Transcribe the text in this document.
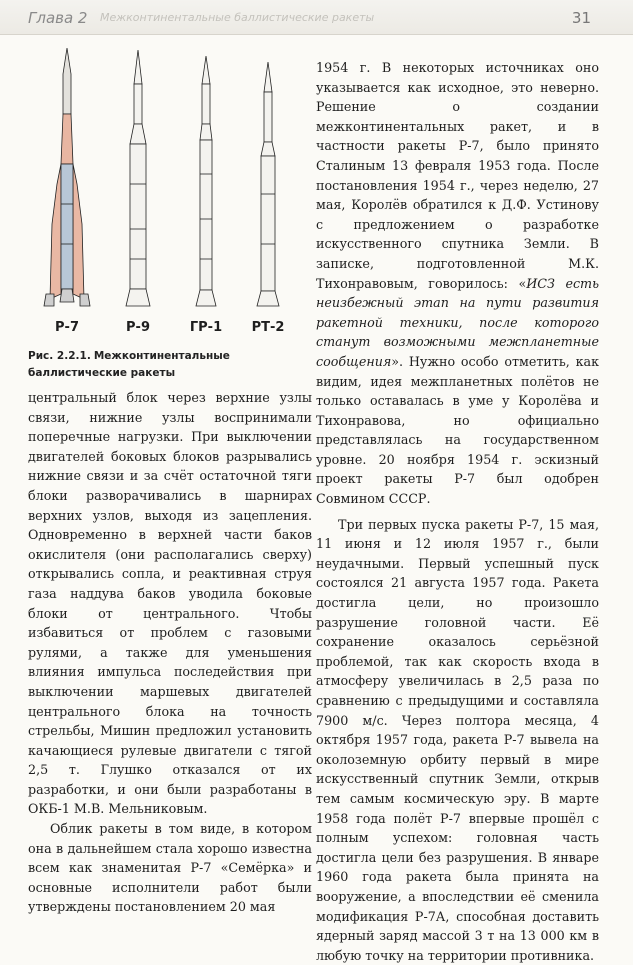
Глава 2 Межконтинентальные баллистические ракеты	31
Р-7	Р-9	ГР-1	РТ-2
Рис. 2.2.1. Межконтинентальные баллистические ракеты

центральный блок через верхние узлы связи, нижние узлы воспринимали поперечные нагрузки. При выключении двигателей боковых блоков разрывались нижние связи и за счёт остаточной тяги блоки разворачивались в шарнирах верхних узлов, выходя из зацепления. Одновременно в верхней части баков окислителя (они располагались сверху) открывались сопла, и реактивная струя газа наддува баков уводила боковые блоки от центрального. Чтобы избавиться от проблем с газовыми рулями, а также для уменьшения влияния импульса последействия при выключении маршевых двигателей центрального блока на точность стрельбы, Мишин предложил установить качающиеся рулевые двигатели с тягой 2,5 т. Глушко отказался от их разработки, и они были разработаны в ОКБ-1 М.В. Мельниковым.

Облик ракеты в том виде, в котором она в дальнейшем стала хорошо известна всем как знаменитая Р-7 «Семёрка» и основные исполнители работ были утверждены постановлением 20 мая

1954 г. В некоторых источниках оно указывается как исходное, это неверно. Решение о создании межконтинентальных ракет, и в частности ракеты Р-7, было принято Сталиным 13 февраля 1953 года. После постановления 1954 г., через неделю, 27 мая, Королёв обратился к Д.Ф. Устинову с предложением о разработке искусственного спутника Земли. В записке, подготовленной М.К. Тихонравовым, говорилось: «ИСЗ есть неизбежный этап на пути развития ракетной техники, после которого станут возможными межпланетные сообщения». Нужно особо отметить, как видим, идея межпланетных полётов не только оставалась в уме у Королёва и Тихонравова, но официально представлялась на государственном уровне. 20 ноября 1954 г. эскизный проект ракеты Р-7 был одобрен Совмином СССР.

Три первых пуска ракеты Р-7, 15 мая, 11 июня и 12 июля 1957 г., были неудачными. Первый успешный пуск состоялся 21 августа 1957 года. Ракета достигла цели, но произошло разрушение головной части. Её сохранение оказалось серьёзной проблемой, так как скорость входа в атмосферу увеличилась в 2,5 раза по сравнению с предыдущими и составляла 7900 м/с. Через полтора месяца, 4 октября 1957 года, ракета Р-7 вывела на околоземную орбиту первый в мире искусственный спутник Земли, открыв тем самым космическую эру. В марте 1958 года полёт Р-7 впервые прошёл с полным успехом: головная часть достигла цели без разрушения. В январе 1960 года ракета была принята на вооружение, а впоследствии её сменила модификация Р-7А, способная доставить ядерный заряд массой 3 т на 13 000 км в любую точку на территории противника.
